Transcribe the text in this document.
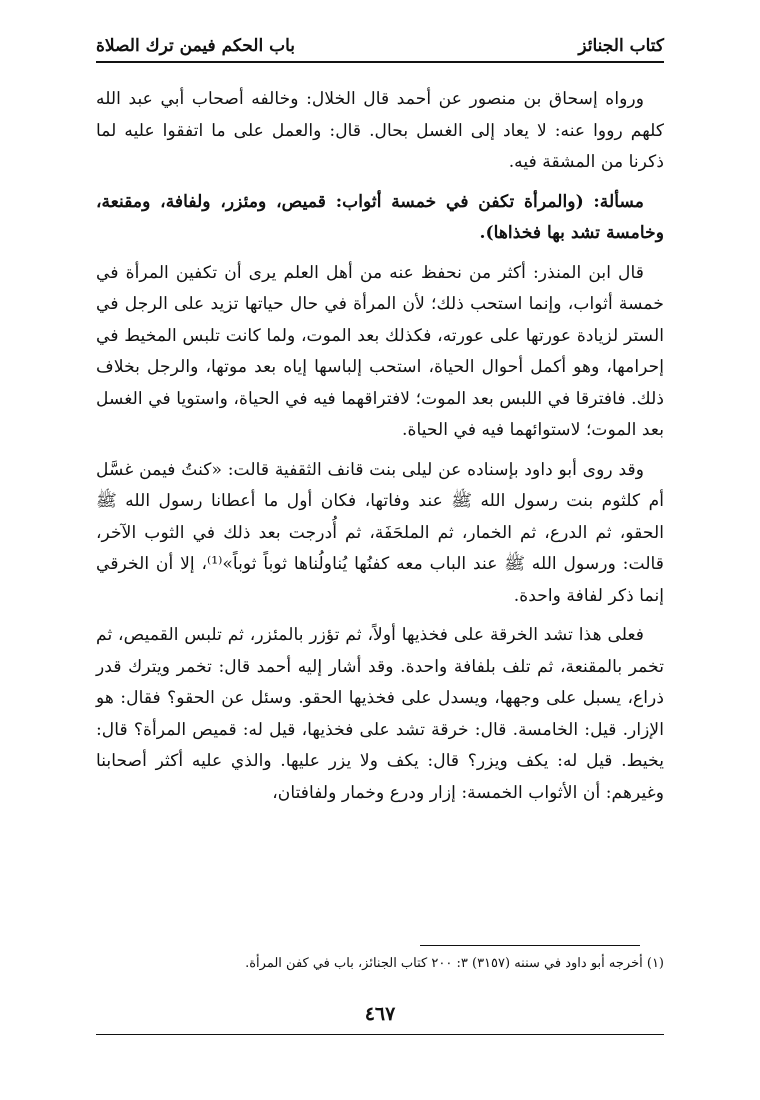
كتاب الجنائز
باب الحكم فيمن ترك الصلاة

ورواه إسحاق بن منصور عن أحمد قال الخلال: وخالفه أصحاب أبي عبد الله كلهم رووا عنه: لا يعاد إلى الغسل بحال. قال: والعمل على ما اتفقوا عليه لما ذكرنا من المشقة فيه.

مسألة: (والمرأة تكفن في خمسة أثواب: قميص، ومئزر، ولفافة، ومقنعة، وخامسة تشد بها فخذاها).

قال ابن المنذر: أكثر من نحفظ عنه من أهل العلم يرى أن تكفين المرأة في خمسة أثواب، وإنما استحب ذلك؛ لأن المرأة في حال حياتها تزيد على الرجل في الستر لزيادة عورتها على عورته، فكذلك بعد الموت، ولما كانت تلبس المخيط في إحرامها، وهو أكمل أحوال الحياة، استحب إلباسها إياه بعد موتها، والرجل بخلاف ذلك. فافترقا في اللبس بعد الموت؛ لافتراقهما فيه في الحياة، واستويا في الغسل بعد الموت؛ لاستوائهما فيه في الحياة.

وقد روى أبو داود بإسناده عن ليلى بنت قانف الثقفية قالت: «كنتُ فيمن غسَّل أم كلثوم بنت رسول الله ﷺ عند وفاتها، فكان أول ما أعطانا رسول الله ﷺ الحقو، ثم الدرع، ثم الخمار، ثم الملحَفَة، ثم أُدرجت بعد ذلك في الثوب الآخر، قالت: ورسول الله ﷺ عند الباب معه كفنُها يُناولُناها ثوباً ثوباً»⁽¹⁾، إلا أن الخرقي إنما ذكر لفافة واحدة.

فعلى هذا تشد الخرقة على فخذيها أولاً، ثم تؤزر بالمئزر، ثم تلبس القميص، ثم تخمر بالمقنعة، ثم تلف بلفافة واحدة. وقد أشار إليه أحمد قال: تخمر ويترك قدر ذراع، يسبل على وجهها، ويسدل على فخذيها الحقو. وسئل عن الحقو؟ فقال: هو الإزار. قيل: الخامسة. قال: خرقة تشد على فخذيها، قيل له: قميص المرأة؟ قال: يخيط. قيل له: يكف ويزر؟ قال: يكف ولا يزر عليها. والذي عليه أكثر أصحابنا وغيرهم: أن الأثواب الخمسة: إزار ودرع وخمار ولفافتان،

(١) أخرجه أبو داود في سننه (٣١٥٧) ٣: ٢٠٠ كتاب الجنائز، باب في كفن المرأة.
٤٦٧
